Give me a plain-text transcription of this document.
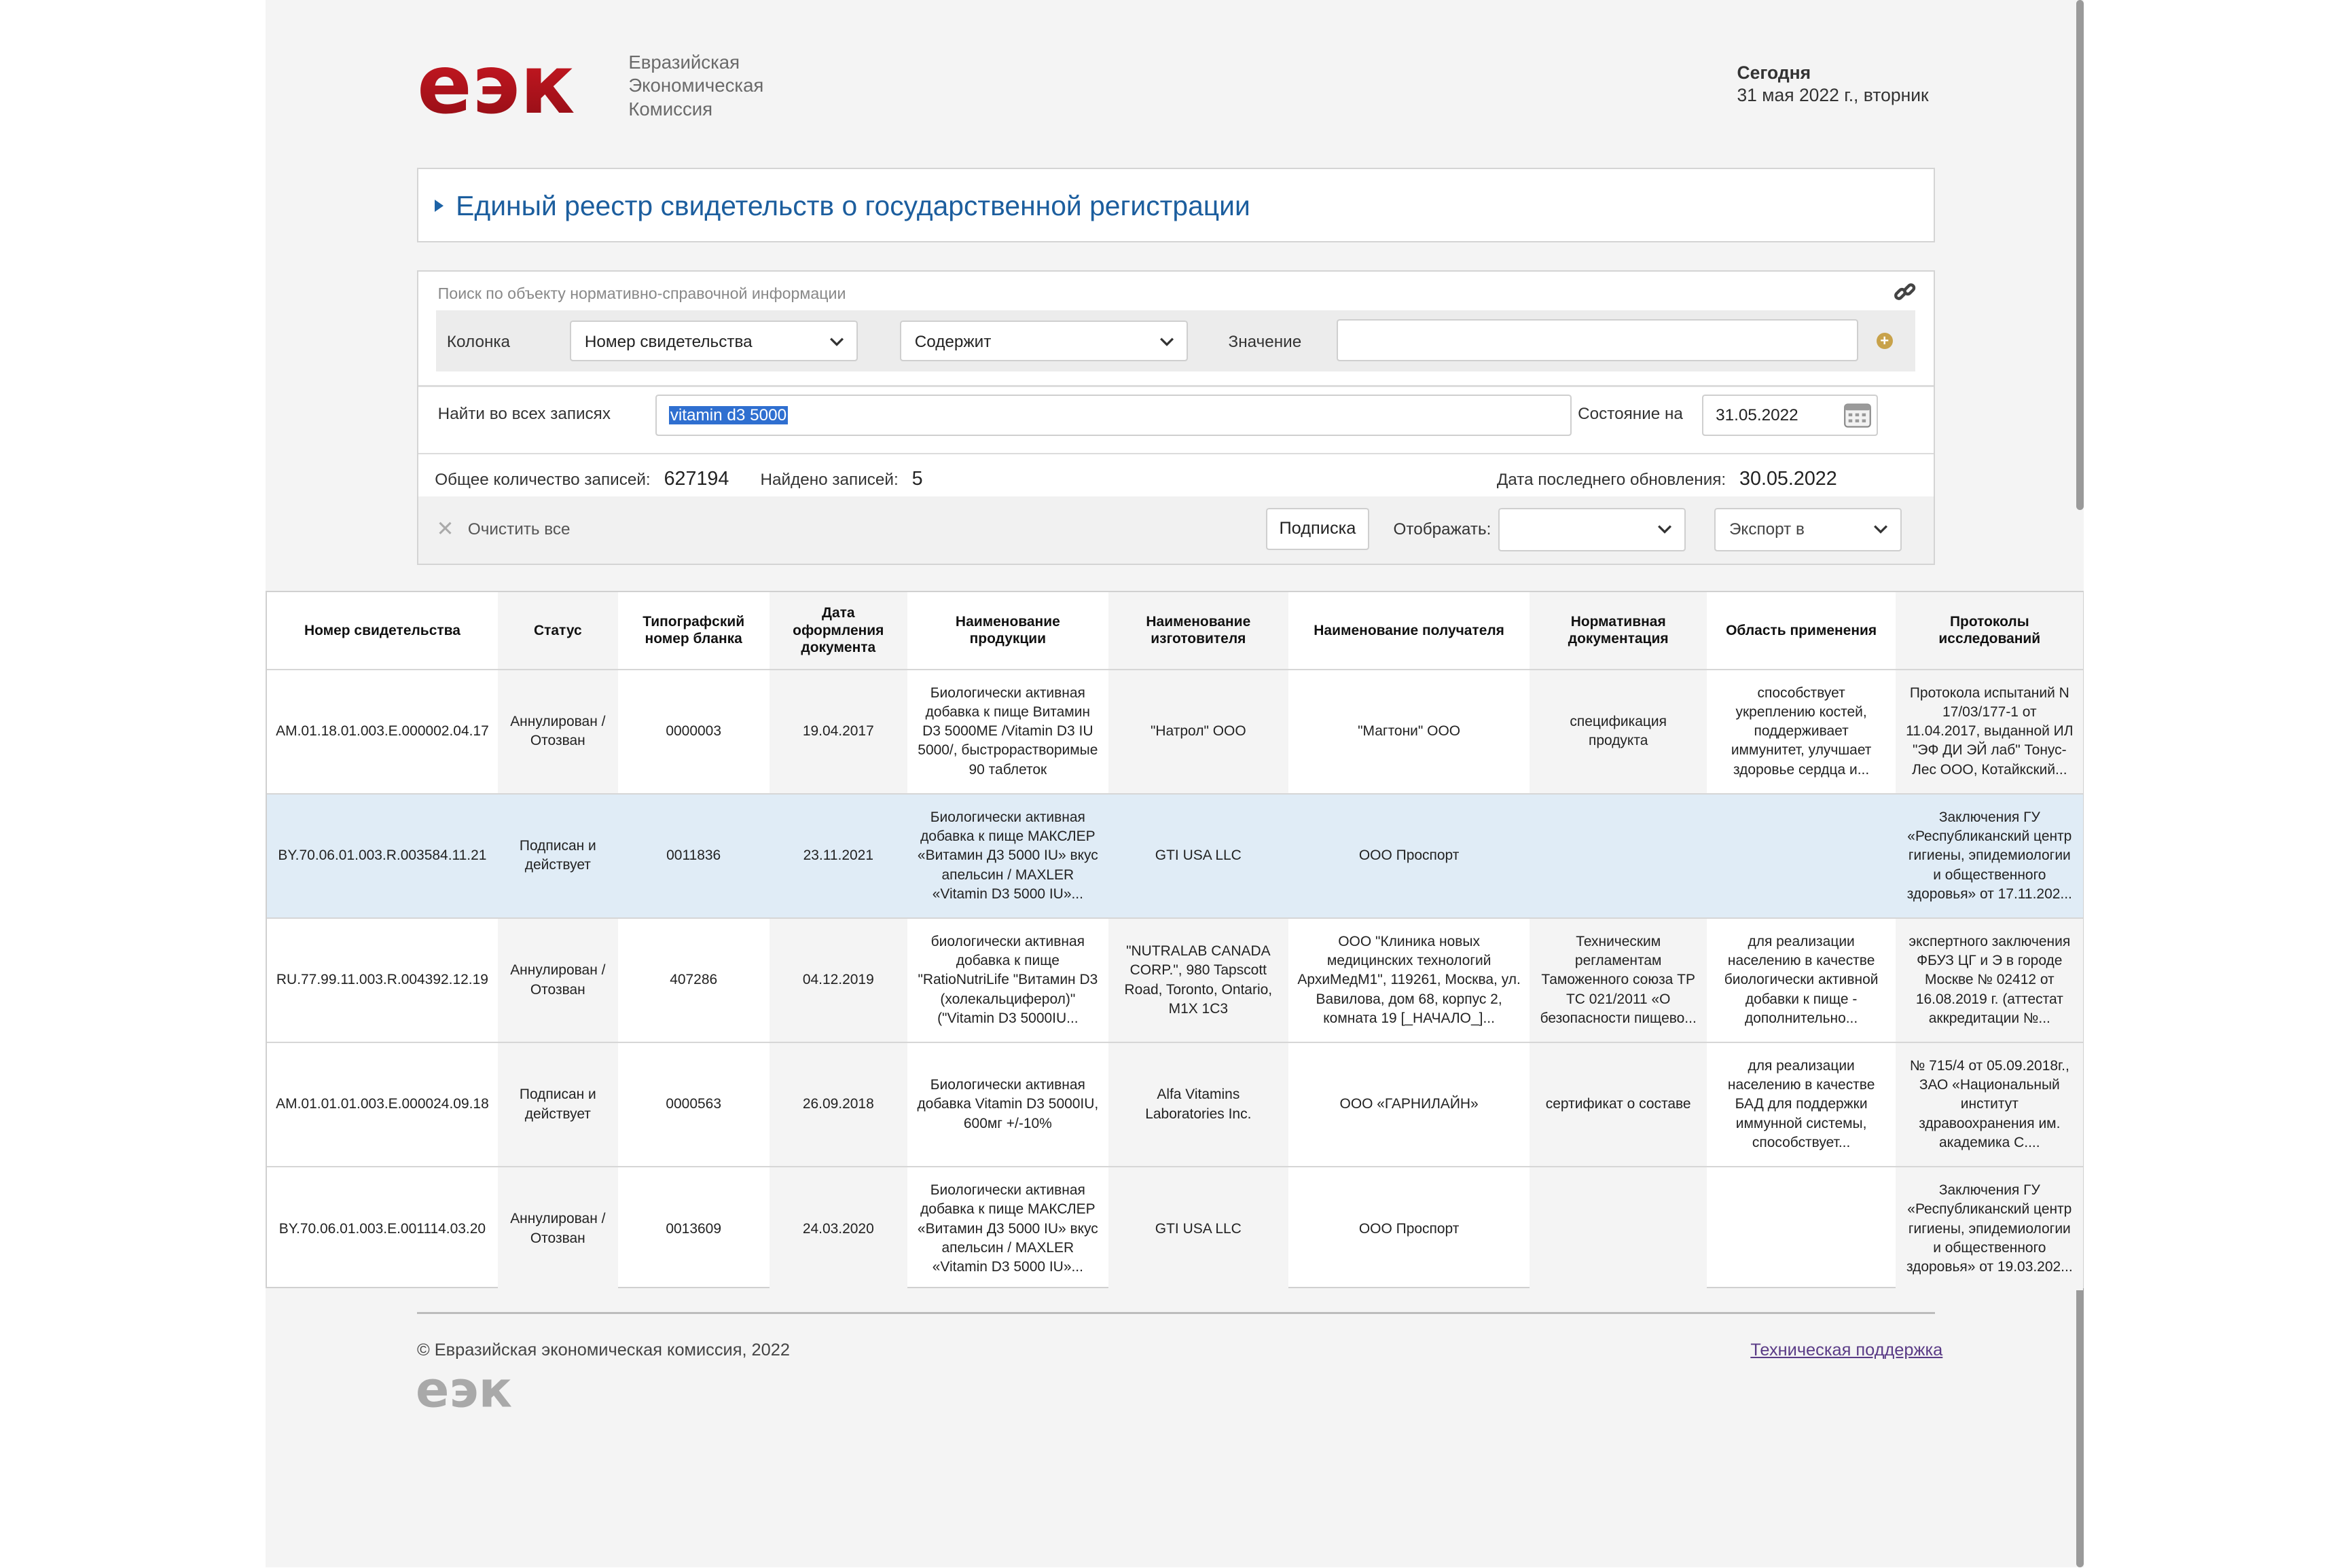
еэк	Евразийская
Экономическая
Комиссия
Сегодня
31 мая 2022 г., вторник
Единый реестр свидетельств о государственной регистрации
Поиск по объекту нормативно-справочной информации
Колонка	Номер свидетельства	Содержит	Значение	+
Найти во всех записях	vitamin d3 5000	Состояние на	31.05.2022
Общее количество записей: 627194	Найдено записей: 5	Дата последнего обновления: 30.05.2022
✕ Очистить все	Подписка	Отображать:	Экспорт в
Номер свидетельства	Статус	Типографский номер бланка	Дата оформления документа	Наименование продукции	Наименование изготовителя	Наименование получателя	Нормативная документация	Область применения	Протоколы исследований
AM.01.18.01.003.E.000002.04.17	Аннулирован / Отозван	0000003	19.04.2017	Биологически активная добавка к пище Витамин D3 5000МЕ /Vitamin D3 IU 5000/, быстрорастворимые 90 таблеток	"Натрол" ООО	"Магтони" ООО	спецификация продукта	способствует укреплению костей, поддерживает иммунитет, улучшает здоровье сердца и...	Протокола испытаний N 17/03/177-1 от 11.04.2017, выданной ИЛ "ЭФ ДИ ЭЙ лаб" Тонус-Лес ООО, Котайкский...
BY.70.06.01.003.R.003584.11.21	Подписан и действует	0011836	23.11.2021	Биологически активная добавка к пище МАКСЛЕР «Витамин Д3 5000 IU» вкус апельсин / MAXLER «Vitamin D3 5000 IU»...	GTI USA LLC	ООО Проспорт			Заключения ГУ «Республиканский центр гигиены, эпидемиологии и общественного здоровья» от 17.11.202...
RU.77.99.11.003.R.004392.12.19	Аннулирован / Отозван	407286	04.12.2019	биологически активная добавка к пище "RatioNutriLife "Витамин D3 (холекальциферол)" ("Vitamin D3 5000IU...	"NUTRALAB CANADA CORP.", 980 Tapscott Road, Toronto, Ontario, M1X 1C3	ООО "Клиника новых медицинских технологий АрхиМедМ1", 119261, Москва, ул. Вавилова, дом 68, корпус 2, комната 19 [_НАЧАЛО_]...	Техническим регламентам Таможенного союза ТР ТС 021/2011 «О безопасности пищево...	для реализации населению в качестве биологически активной добавки к пище - дополнительно...	экспертного заключения ФБУЗ ЦГ и Э в городе Москве № 02412 от 16.08.2019 г. (аттестат аккредитации №...
AM.01.01.01.003.E.000024.09.18	Подписан и действует	0000563	26.09.2018	Биологически активная добавка Vitamin D3 5000IU, 600мг +/-10%	Alfa Vitamins Laboratories Inc.	ООО «ГАРНИЛАЙН»	сертификат о составе	для реализации населению в качестве БАД для поддержки иммунной системы, способствует...	№ 715/4 от 05.09.2018г., ЗАО «Национальный институт здравоохранения им. академика С....
BY.70.06.01.003.E.001114.03.20	Аннулирован / Отозван	0013609	24.03.2020	Биологически активная добавка к пище МАКСЛЕР «Витамин Д3 5000 IU» вкус апельсин / MAXLER «Vitamin D3 5000 IU»...	GTI USA LLC	ООО Проспорт			Заключения ГУ «Республиканский центр гигиены, эпидемиологии и общественного здоровья» от 19.03.202...
© Евразийская экономическая комиссия, 2022	Техническая поддержка
еэк
